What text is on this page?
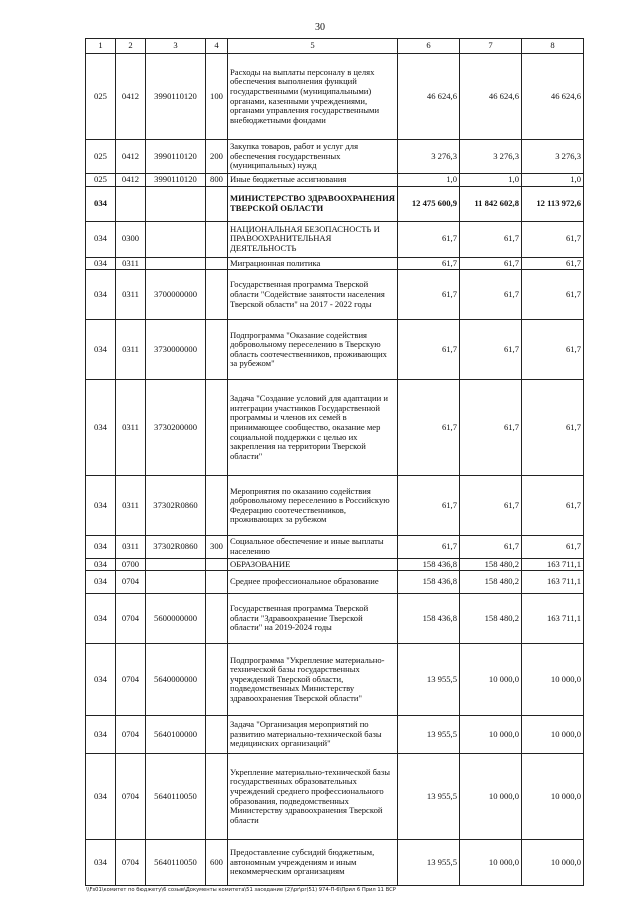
30
1	2	3	4	5	6	7	8
025	0412	3990110120	100	Расходы на выплаты персоналу в целях обеспечения выполнения функций государственными (муниципальными) органами, казенными учреждениями, органами управления государственными внебюджетными фондами	46 624,6	46 624,6	46 624,6
025	0412	3990110120	200	Закупка товаров, работ и услуг для обеспечения государственных (муниципальных) нужд	3 276,3	3 276,3	3 276,3
025	0412	3990110120	800	Иные бюджетные ассигнования	1,0	1,0	1,0
034				МИНИСТЕРСТВО ЗДРАВООХРАНЕНИЯ ТВЕРСКОЙ ОБЛАСТИ	12 475 600,9	11 842 602,8	12 113 972,6
034	0300			НАЦИОНАЛЬНАЯ БЕЗОПАСНОСТЬ И ПРАВООХРАНИТЕЛЬНАЯ ДЕЯТЕЛЬНОСТЬ	61,7	61,7	61,7
034	0311			Миграционная политика	61,7	61,7	61,7
034	0311	3700000000		Государственная программа Тверской области "Содействие занятости населения Тверской области" на 2017 - 2022 годы	61,7	61,7	61,7
034	0311	3730000000		Подпрограмма "Оказание содействия добровольному переселению в Тверскую область соотечественников, проживающих за рубежом"	61,7	61,7	61,7
034	0311	3730200000		Задача "Создание условий для адаптации и интеграции участников Государственной программы и членов их семей в принимающее сообщество, оказание мер социальной поддержки с целью их закрепления на территории Тверской области"	61,7	61,7	61,7
034	0311	37302R0860		Мероприятия по оказанию содействия добровольному переселению в Российскую Федерацию соотечественников, проживающих за рубежом	61,7	61,7	61,7
034	0311	37302R0860	300	Социальное обеспечение и иные выплаты населению	61,7	61,7	61,7
034	0700			ОБРАЗОВАНИЕ	158 436,8	158 480,2	163 711,1
034	0704			Среднее профессиональное образование	158 436,8	158 480,2	163 711,1
034	0704	5600000000		Государственная программа Тверской области "Здравоохранение Тверской области" на 2019-2024 годы	158 436,8	158 480,2	163 711,1
034	0704	5640000000		Подпрограмма "Укрепление материально-технической базы государственных учреждений Тверской области, подведомственных Министерству здравоохранения Тверской области"	13 955,5	10 000,0	10 000,0
034	0704	5640100000		Задача "Организация мероприятий по развитию материально-технической базы медицинских организаций"	13 955,5	10 000,0	10 000,0
034	0704	5640110050		Укрепление материально-технической базы государственных образовательных учреждений среднего профессионального образования, подведомственных Министерству здравоохранения Тверской области	13 955,5	10 000,0	10 000,0
034	0704	5640110050	600	Предоставление субсидий бюджетным, автономным учреждениям и иным некоммерческим организациям	13 955,5	10 000,0	10 000,0
\\Fs01\комитет по бюджету\6 созыв\Документы комитета\51 заседание (2)\pr\pr(51) 974-П-6\Прил 6 Прил 11 ВСР
